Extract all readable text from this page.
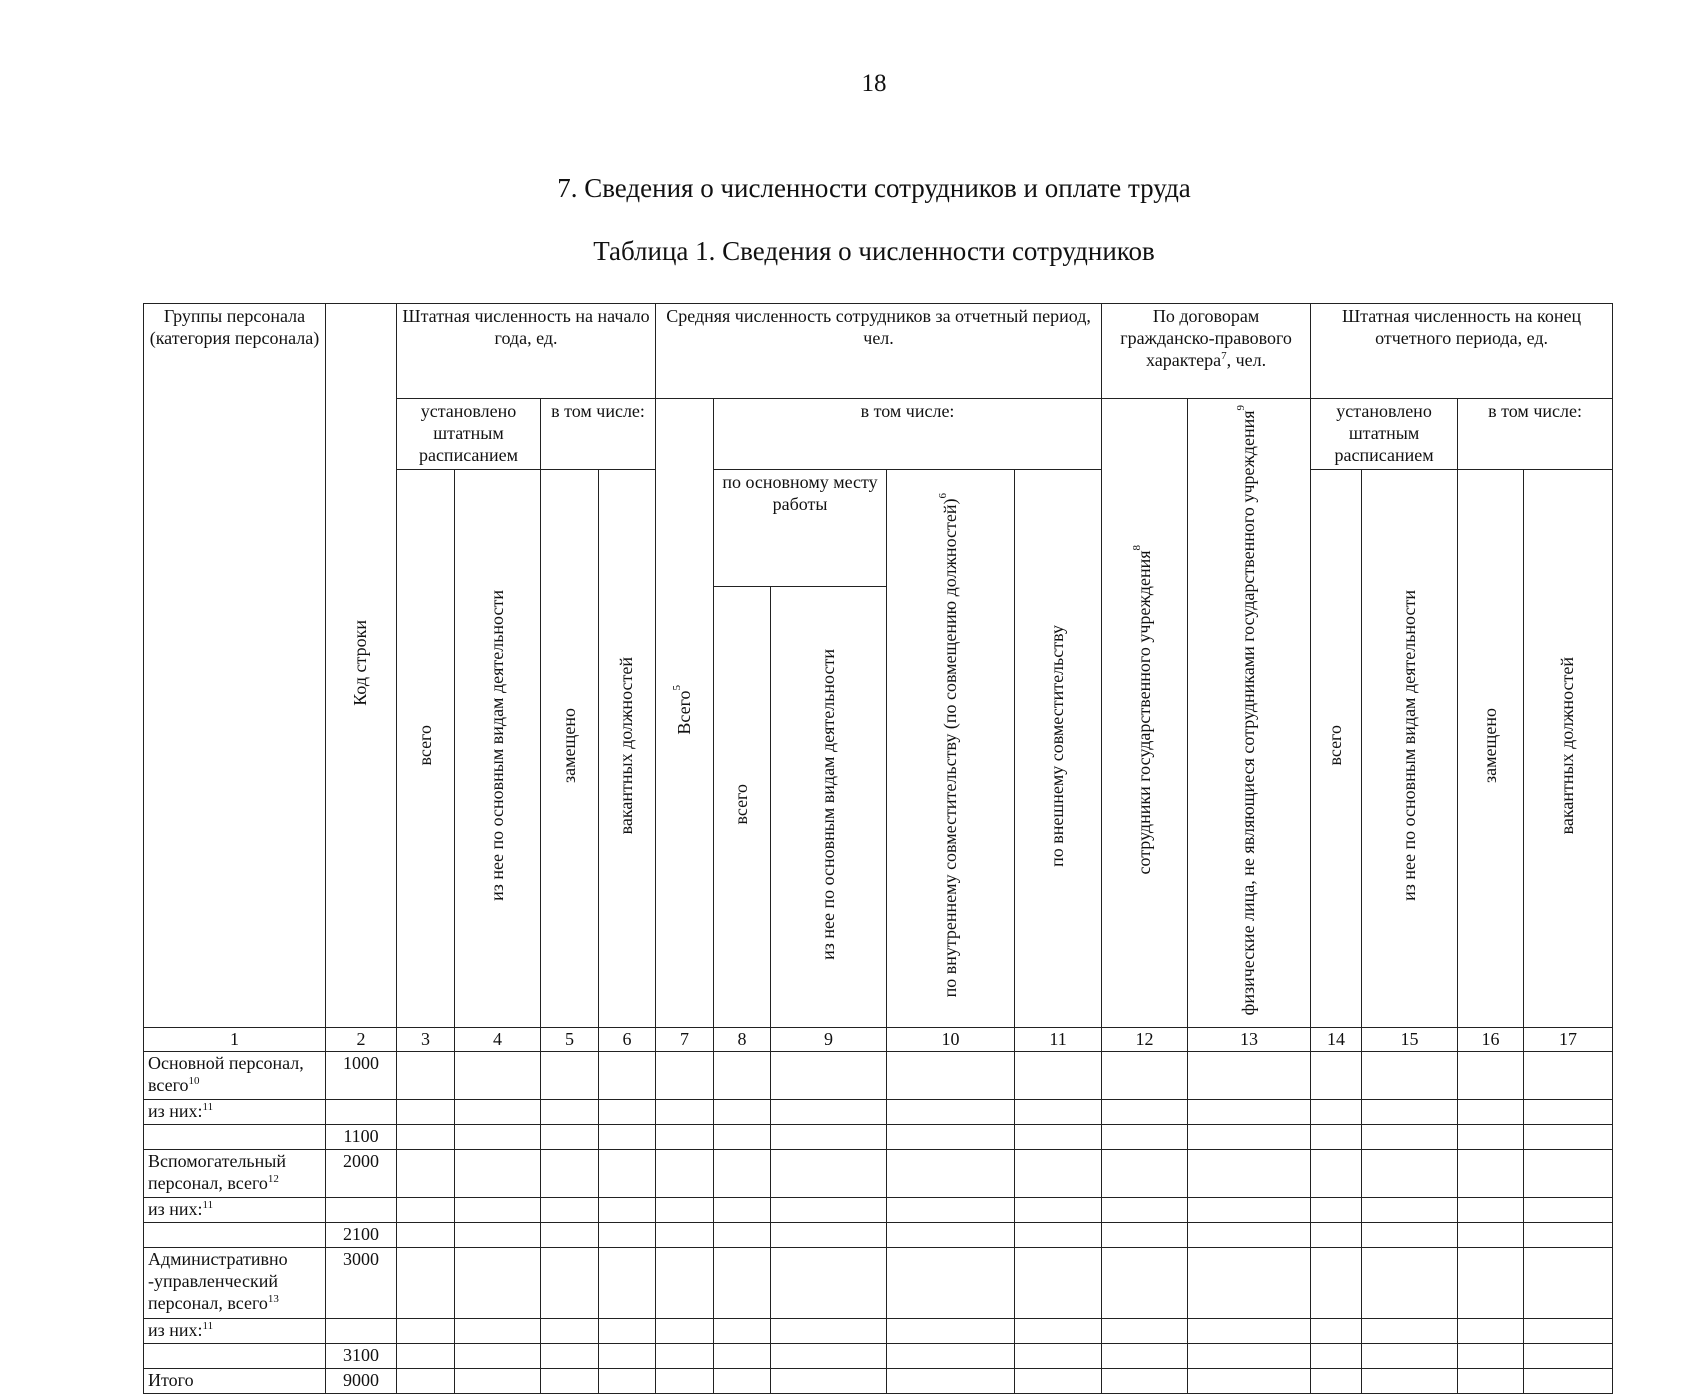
18
7. Сведения о численности сотрудников и оплате труда
Таблица 1. Сведения о численности сотрудников
Группы персонала (категория персонала)	Код строки	Штатная численность на начало года, ед.				Средняя численность сотрудников за отчетный период, чел.					По договорам гражданско-правового характера$^7$, чел.		Штатная численность на конец отчетного периода, ед.			
		установлено штатным расписанием		в том числе:		Всего$^5$	в том числе:				сотрудники государственного учреждения$^8$	физические лица, не являющиеся сотрудниками государственного учреждения$^9$	установлено штатным расписанием		в том числе:	
		всего	из нее по основным видам деятельности	замещено	вакантных должностей		по основному месту работы		по внутреннему совместительству (по совмещению должностей)$^6$	по внешнему совместительству			всего	из нее по основным видам деятельности	замещено	вакантных должностей
							всего	из нее по основным видам деятельности								
1	2	3	4	5	6	7	8	9	10	11	12	13	14	15	16	17
Основной персонал, всего$^{10}$	1000															
из них:$^{11}$																
	1100															
Вспомогательный персонал, всего$^{12}$	2000															
из них:$^{11}$																
	2100															
Административно -управленческий персонал, всего$^{13}$	3000															
из них:$^{11}$																
	3100															
Итого	9000															
